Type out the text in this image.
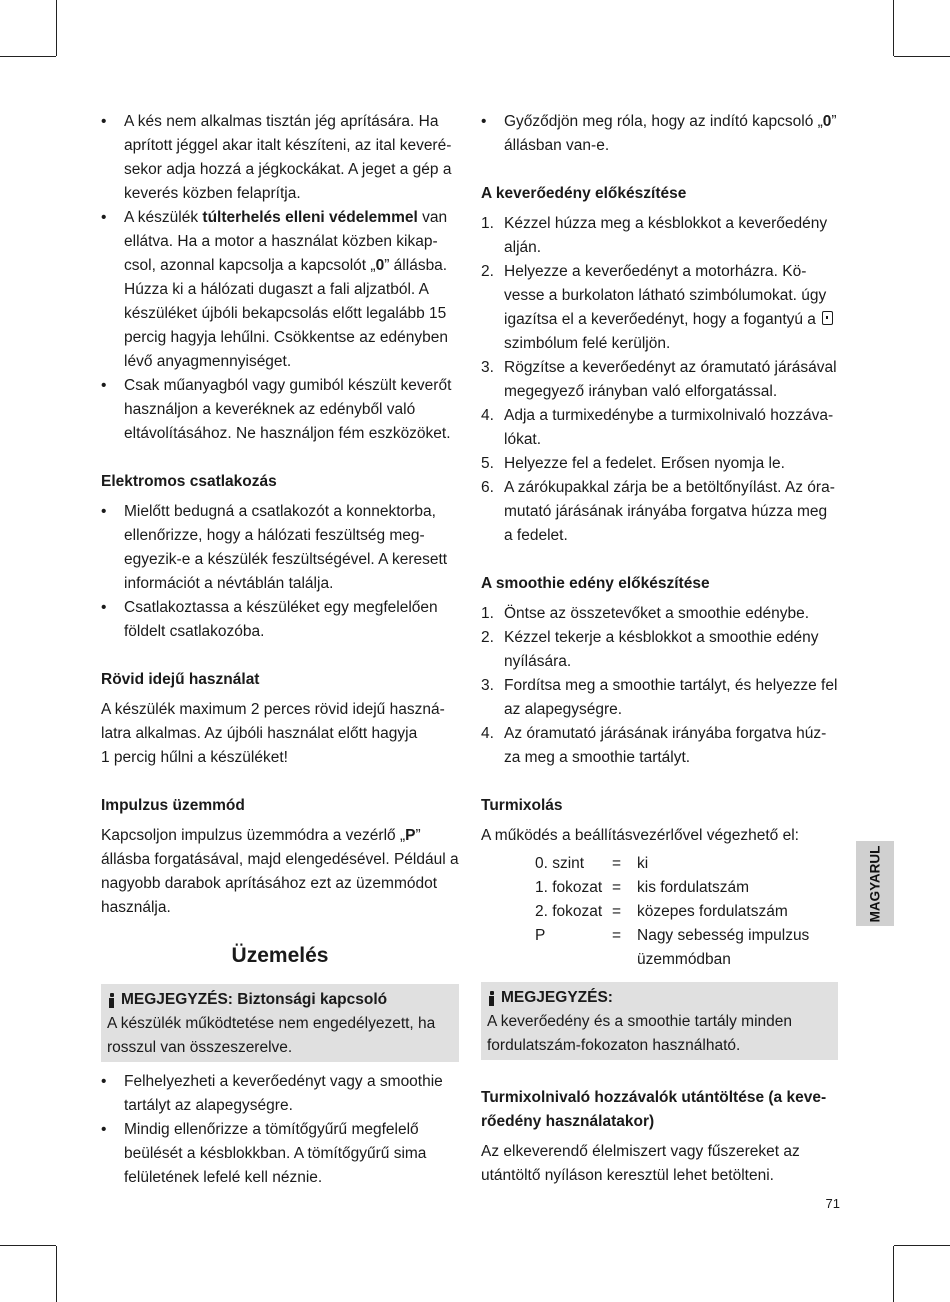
• A kés nem alkalmas tisztán jég aprítására. Ha aprított jéggel akar italt készíteni, az ital keveré-sekor adja hozzá a jégkockákat. A jeget a gép a keverés közben felaprítja.
• A készülék túlterhelés elleni védelemmel van ellátva. Ha a motor a használat közben kikap-csol, azonnal kapcsolja a kapcsolót „0” állásba. Húzza ki a hálózati dugaszt a fali aljzatból. A készüléket újbóli bekapcsolás előtt legalább 15 percig hagyja lehűlni. Csökkentse az edényben lévő anyagmennyiséget.
• Csak műanyagból vagy gumiból készült keverőt használjon a keveréknek az edényből való eltávolításához. Ne használjon fém eszközöket.
Elektromos csatlakozás
• Mielőtt bedugná a csatlakozót a konnektorba, ellenőrizze, hogy a hálózati feszültség meg-egyezik-e a készülék feszültségével. A keresett információt a névtáblán találja.
• Csatlakoztassa a készüléket egy megfelelően földelt csatlakozóba.
Rövid idejű használat

A készülék maximum 2 perces rövid idejű haszná-latra alkalmas. Az újbóli használat előtt hagyja

1 percig hűlni a készüléket!

Impulzus üzemmód

Kapcsoljon impulzus üzemmódra a vezérlő „P” állásba forgatásával, majd elengedésével. Például a nagyobb darabok aprításához ezt az üzemmódot használja.

Üzemelés
MEGJEGYZÉS: Biztonsági kapcsoló

A készülék működtetése nem engedélyezett, ha rosszul van összeszerelve.

• Felhelyezheti a keverőedényt vagy a smoothie tartályt az alapegységre.
• Mindig ellenőrizze a tömítőgyűrű megfelelő beülését a késblokkban. A tömítőgyűrű sima felületének lefelé kell néznie.
• Győződjön meg róla, hogy az indító kapcsoló „0” állásban van-e.
A keverőedény előkészítése
1. Kézzel húzza meg a késblokkot a keverőedény alján.
2. Helyezze a keverőedényt a motorházra. Kö-vesse a burkolaton látható szimbólumokat. úgy igazítsa el a keverőedényt, hogy a fogantyú a  szimbólum felé kerüljön.
3. Rögzítse a keverőedényt az óramutató járásával megegyező irányban való elforgatással.
4. Adja a turmixedénybe a turmixolnivaló hozzáva-lókat.
5. Helyezze fel a fedelet. Erősen nyomja le.
6. A zárókupakkal zárja be a betöltőnyílást. Az óra-mutató járásának irányába forgatva húzza meg a fedelet.
A smoothie edény előkészítése
1. Öntse az összetevőket a smoothie edénybe.
2. Kézzel tekerje a késblokkot a smoothie edény nyílására.
3. Fordítsa meg a smoothie tartályt, és helyezze fel az alapegységre.
4. Az óramutató járásának irányába forgatva húz-za meg a smoothie tartályt.
Turmixolás

A működés a beállításvezérlővel végezhető el:

0. szint	=	ki
1. fokozat =	kis fordulatszám
2. fokozat =	közepes fordulatszám
P	=	Nagy sebesség impulzus üzemmódban
MEGJEGYZÉS:

A keverőedény és a smoothie tartály minden fordulatszám-fokozaton használható.

Turmixolnivaló hozzávalók utántöltése (a keve-rőedény használatakor)

Az elkeverendő élelmiszert vagy fűszereket az utántöltő nyíláson keresztül lehet betölteni.

MAGYARUL
71
